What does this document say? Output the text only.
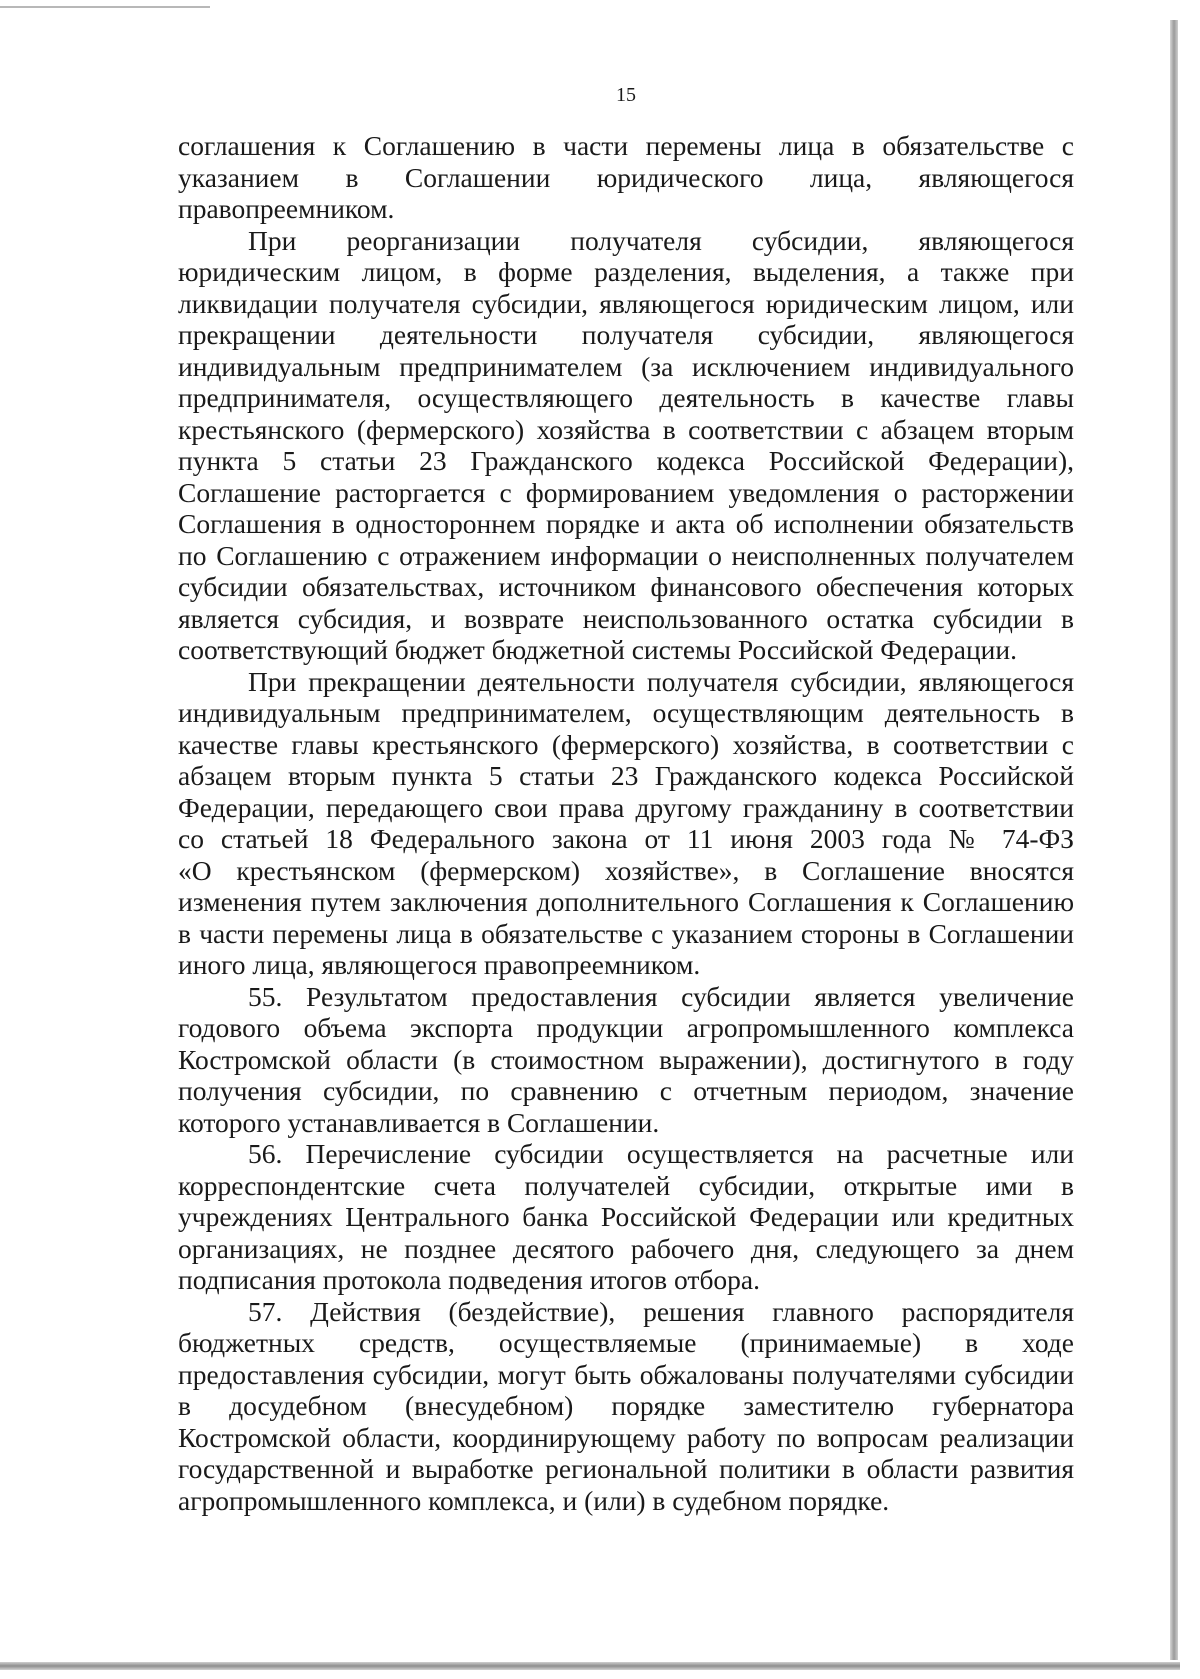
15
соглашения к Соглашению в части перемены лица в обязательстве с
указанием в Соглашении юридического лица, являющегося
правопреемником.
При реорганизации получателя субсидии, являющегося
юридическим лицом, в форме разделения, выделения, а также при
ликвидации получателя субсидии, являющегося юридическим лицом, или
прекращении деятельности получателя субсидии, являющегося
индивидуальным предпринимателем (за исключением индивидуального
предпринимателя, осуществляющего деятельность в качестве главы
крестьянского (фермерского) хозяйства в соответствии с абзацем вторым
пункта 5 статьи 23 Гражданского кодекса Российской Федерации),
Соглашение расторгается с формированием уведомления о расторжении
Соглашения в одностороннем порядке и акта об исполнении обязательств
по Соглашению с отражением информации о неисполненных получателем
субсидии обязательствах, источником финансового обеспечения которых
является субсидия, и возврате неиспользованного остатка субсидии в
соответствующий бюджет бюджетной системы Российской Федерации.
При прекращении деятельности получателя субсидии, являющегося
индивидуальным предпринимателем, осуществляющим деятельность в
качестве главы крестьянского (фермерского) хозяйства, в соответствии с
абзацем вторым пункта 5 статьи 23 Гражданского кодекса Российской
Федерации, передающего свои права другому гражданину в соответствии
со статьей 18 Федерального закона от 11 июня 2003 года № 74-ФЗ
«О крестьянском (фермерском) хозяйстве», в Соглашение вносятся
изменения путем заключения дополнительного Соглашения к Соглашению
в части перемены лица в обязательстве с указанием стороны в Соглашении
иного лица, являющегося правопреемником.
55. Результатом предоставления субсидии является увеличение
годового объема экспорта продукции агропромышленного комплекса
Костромской области (в стоимостном выражении), достигнутого в году
получения субсидии, по сравнению с отчетным периодом, значение
которого устанавливается в Соглашении.
56. Перечисление субсидии осуществляется на расчетные или
корреспондентские счета получателей субсидии, открытые ими в
учреждениях Центрального банка Российской Федерации или кредитных
организациях, не позднее десятого рабочего дня, следующего за днем
подписания протокола подведения итогов отбора.
57. Действия (бездействие), решения главного распорядителя
бюджетных средств, осуществляемые (принимаемые) в ходе
предоставления субсидии, могут быть обжалованы получателями субсидии
в досудебном (внесудебном) порядке заместителю губернатора
Костромской области, координирующему работу по вопросам реализации
государственной и выработке региональной политики в области развития
агропромышленного комплекса, и (или) в судебном порядке.
